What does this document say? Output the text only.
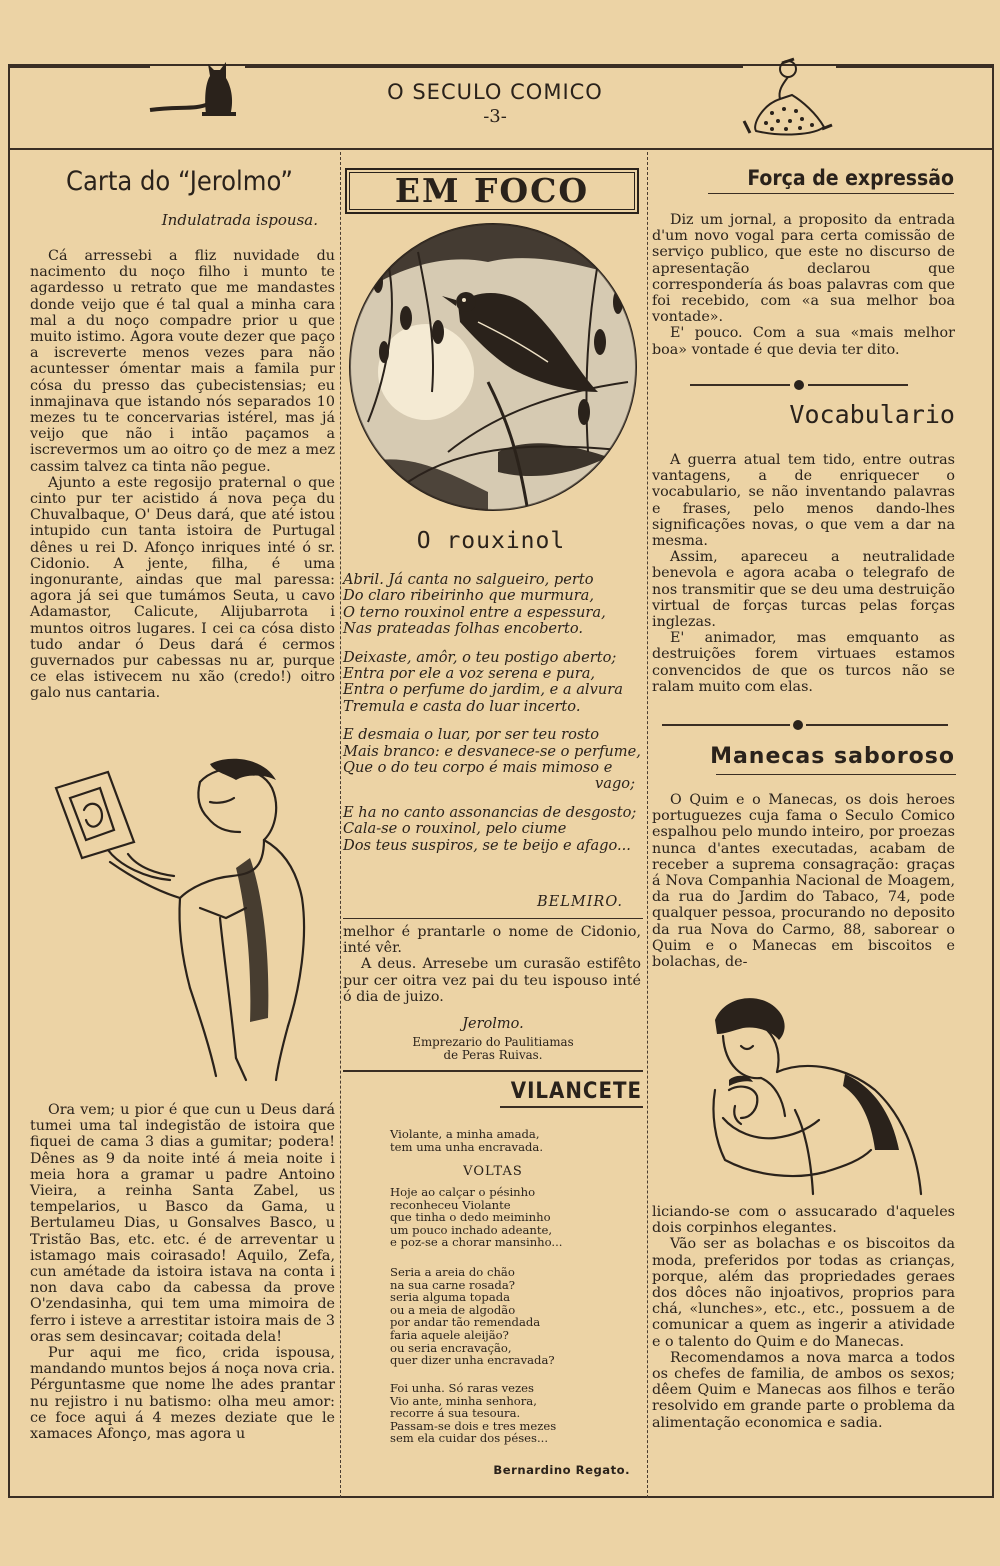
O SECULO COMICO
-3-
Carta do “Jerolmo”
Indulatrada ispousa.

Cá arressebi a fliz nuvidade du nacimento du noço filho i munto te agardesso u retrato que me mandastes donde veijo que é tal qual a minha cara mal a du noço compadre prior u que muito istimo. Agora voute dezer que paço a iscreverte menos vezes para não acuntesser ómentar mais a famila pur cósa du presso das çubecistensias; eu inmajinava que istando nós separados 10 mezes tu te concervarias istérel, mas já veijo que não i intão paçamos a iscrevermos um ao oitro ço de mez a mez cassim talvez ca tinta não pegue.

Ajunto a este regosijo praternal o que cinto pur ter acistido á nova peça du Chuvalbaque, O' Deus dará, que até istou intupido cun tanta istoira de Purtugal dênes u rei D. Afonço inriques inté ó sr. Cidonio. A jente, filha, é uma ingonurante, aindas que mal paressa: agora já sei que tumámos Seuta, u cavo Adamastor, Calicute, Alijubarrota i muntos oitros lugares. I cei ca cósa disto tudo andar ó Deus dará é cermos guvernados pur cabessas nu ar, purque ce elas istivecem nu xão (credo!) oitro galo nus cantaria.

Ora vem; u pior é que cun u Deus dará tumei uma tal indegistão de istoira que fiquei de cama 3 dias a gumitar; podera! Dênes as 9 da noite inté á meia noite i meia hora a gramar u padre Antoino Vieira, a reinha Santa Zabel, us tempelarios, u Basco da Gama, u Bertulameu Dias, u Gonsalves Basco, u Tristão Bas, etc. etc. é de arreventar u istamago mais coirasado! Aquilo, Zefa, cun amétade da istoira istava na conta i non dava cabo da cabessa da prove O'zendasinha, qui tem uma mimoira de ferro i isteve a arrestitar istoira mais de 3 oras sem desincavar; coitada dela!

Pur aqui me fico, crida ispousa, mandando muntos bejos á noça nova cria. Pérguntasme que nome lhe ades prantar nu rejistro i nu batismo: olha meu amor: ce foce aqui á 4 mezes deziate que le xamaces Afonço, mas agora u

EM FOCO
O rouxinol
Abril. Já canta no salgueiro, perto
Do claro ribeirinho que murmura,
O terno rouxinol entre a espessura,
Nas prateadas folhas encoberto.
Deixaste, amôr, o teu postigo aberto;
Entra por ele a voz serena e pura,
Entra o perfume do jardim, e a alvura
Tremula e casta do luar incerto.
E desmaia o luar, por ser teu rosto
Mais branco: e desvanece-se o perfume,
Que o do teu corpo é mais mimoso e
vago;
E ha no canto assonancias de desgosto;
Cala-se o rouxinol, pelo ciume
Dos teus suspiros, se te beijo e afago...
BELMIRO.

melhor é prantarle o nome de Cidonio, inté vêr.

A deus. Arresebe um curasão estifêto pur cer oitra vez pai du teu ispouso inté ó dia de juizo.

Jerolmo.
Emprezario do Paulitiamas
de Peras Ruivas.
VILANCETE
Violante, a minha amada,
tem uma unha encravada.
VOLTAS
Hoje ao calçar o pésinho
reconheceu Violante
que tinha o dedo meiminho
um pouco inchado adeante,
e poz-se a chorar mansinho...
Seria a areia do chão
na sua carne rosada?
seria alguma topada
ou a meia de algodão
por andar tão remendada
faria aquele aleijão?
ou seria encravação,
quer dizer unha encravada?
Foi unha. Só raras vezes
Vio ante, minha senhora,
recorre á sua tesoura.
Passam-se dois e tres mezes
sem ela cuidar dos péses...
Bernardino Regato.
Força de expressão

Diz um jornal, a proposito da entrada d'um novo vogal para certa comissão de serviço publico, que este no discurso de apresentação declarou que correspondería ás boas palavras com que foi recebido, com «a sua melhor boa vontade».

E' pouco. Com a sua «mais melhor boa» vontade é que devia ter dito.

Vocabulario

A guerra atual tem tido, entre outras vantagens, a de enriquecer o vocabulario, se não inventando palavras e frases, pelo menos dando-lhes significações novas, o que vem a dar na mesma.

Assim, apareceu a neutralidade benevola e agora acaba o telegrafo de nos transmitir que se deu uma destruição virtual de forças turcas pelas forças inglezas.

E' animador, mas emquanto as destruições forem virtuaes estamos convencidos de que os turcos não se ralam muito com elas.

Manecas saboroso

O Quim e o Manecas, os dois heroes portuguezes cuja fama o Seculo Comico espalhou pelo mundo inteiro, por proezas nunca d'antes executadas, acabam de receber a suprema consagração: graças á Nova Companhia Nacional de Moagem, da rua do Jardim do Tabaco, 74, pode qualquer pessoa, procurando no deposito da rua Nova do Carmo, 88, saborear o Quim e o Manecas em biscoitos e bolachas, de-

liciando-se com o assucarado d'aqueles dois corpinhos elegantes.

Vão ser as bolachas e os biscoitos da moda, preferidos por todas as crianças, porque, além das propriedades geraes dos dôces não injoativos, proprios para chá, «lunches», etc., etc., possuem a de comunicar a quem as ingerir a atividade e o talento do Quim e do Manecas.

Recomendamos a nova marca a todos os chefes de familia, de ambos os sexos; dêem Quim e Manecas aos filhos e terão resolvido em grande parte o problema da alimentação economica e sadia.
